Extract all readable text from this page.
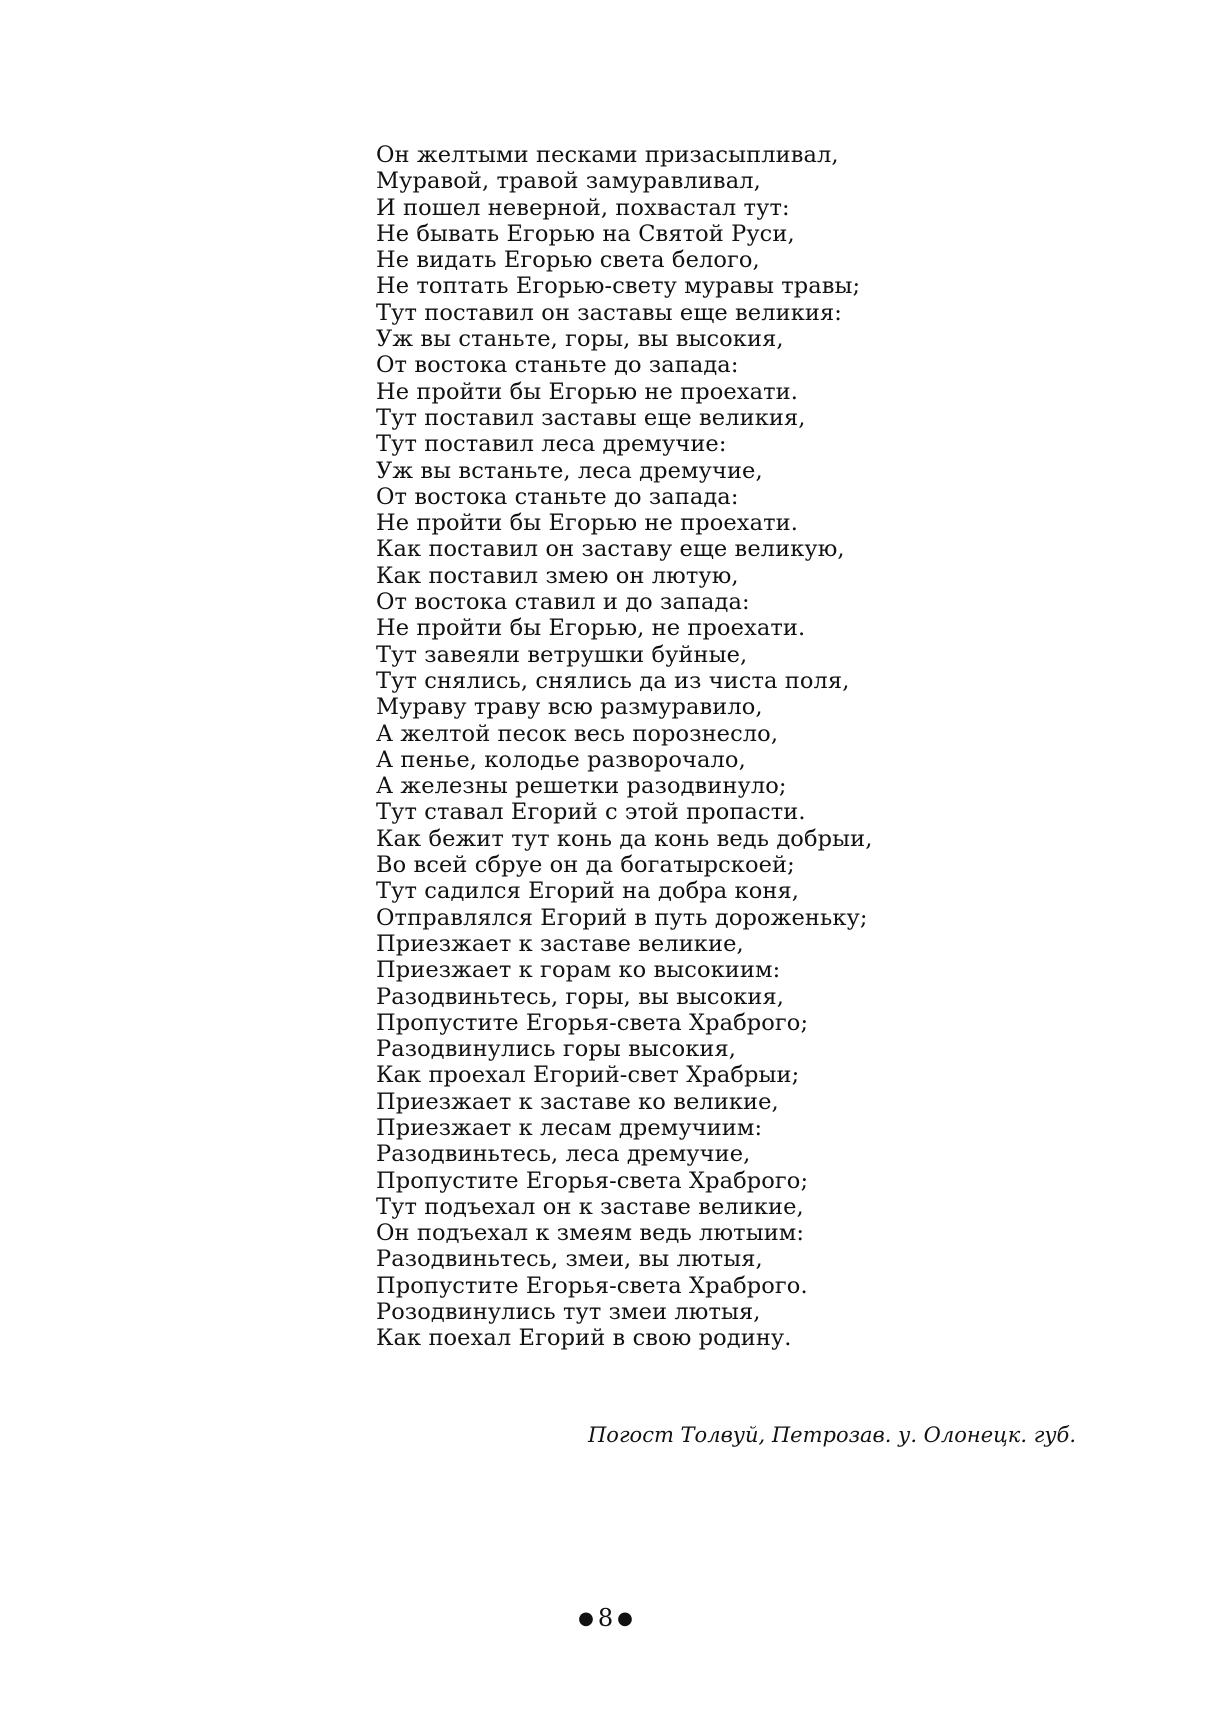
Он желтыми песками призасыпливал,
Муравой, травой замуравливал,
И пошел неверной, похвастал тут:
Не бывать Егорью на Святой Руси,
Не видать Егорью света белого,
Не топтать Егорью-свету муравы травы;
Тут поставил он заставы еще великия:
Уж вы станьте, горы, вы высокия,
От востока станьте до запада:
Не пройти бы Егорью не проехати.
Тут поставил заставы еще великия,
Тут поставил леса дремучие:
Уж вы встаньте, леса дремучие,
От востока станьте до запада:
Не пройти бы Егорью не проехати.
Как поставил он заставу еще великую,
Как поставил змею он лютую,
От востока ставил и до запада:
Не пройти бы Егорью, не проехати.
Тут завеяли ветрушки буйные,
Тут снялись, снялись да из чиста поля,
Мураву траву всю размуравило,
А желтой песок весь порознесло,
А пенье, колодье разворочало,
А железны решетки разодвинуло;
Тут ставал Егорий с этой пропасти.
Как бежит тут конь да конь ведь добрыи,
Во всей сбруе он да богатырскоей;
Тут садился Егорий на добра коня,
Отправлялся Егорий в путь дороженьку;
Приезжает к заставе великие,
Приезжает к горам ко высокиим:
Разодвиньтесь, горы, вы высокия,
Пропустите Егорья-света Храброго;
Разодвинулись горы высокия,
Как проехал Егорий-свет Храбрыи;
Приезжает к заставе ко великие,
Приезжает к лесам дремучиим:
Разодвиньтесь, леса дремучие,
Пропустите Егорья-света Храброго;
Тут подъехал он к заставе великие,
Он подъехал к змеям ведь лютыим:
Разодвиньтесь, змеи, вы лютыя,
Пропустите Егорья-света Храброго.
Розодвинулись тут змеи лютыя,
Как поехал Егорий в свою родину.
Погост Толвуй, Петрозав. у. Олонецк. губ.
● 8 ●
